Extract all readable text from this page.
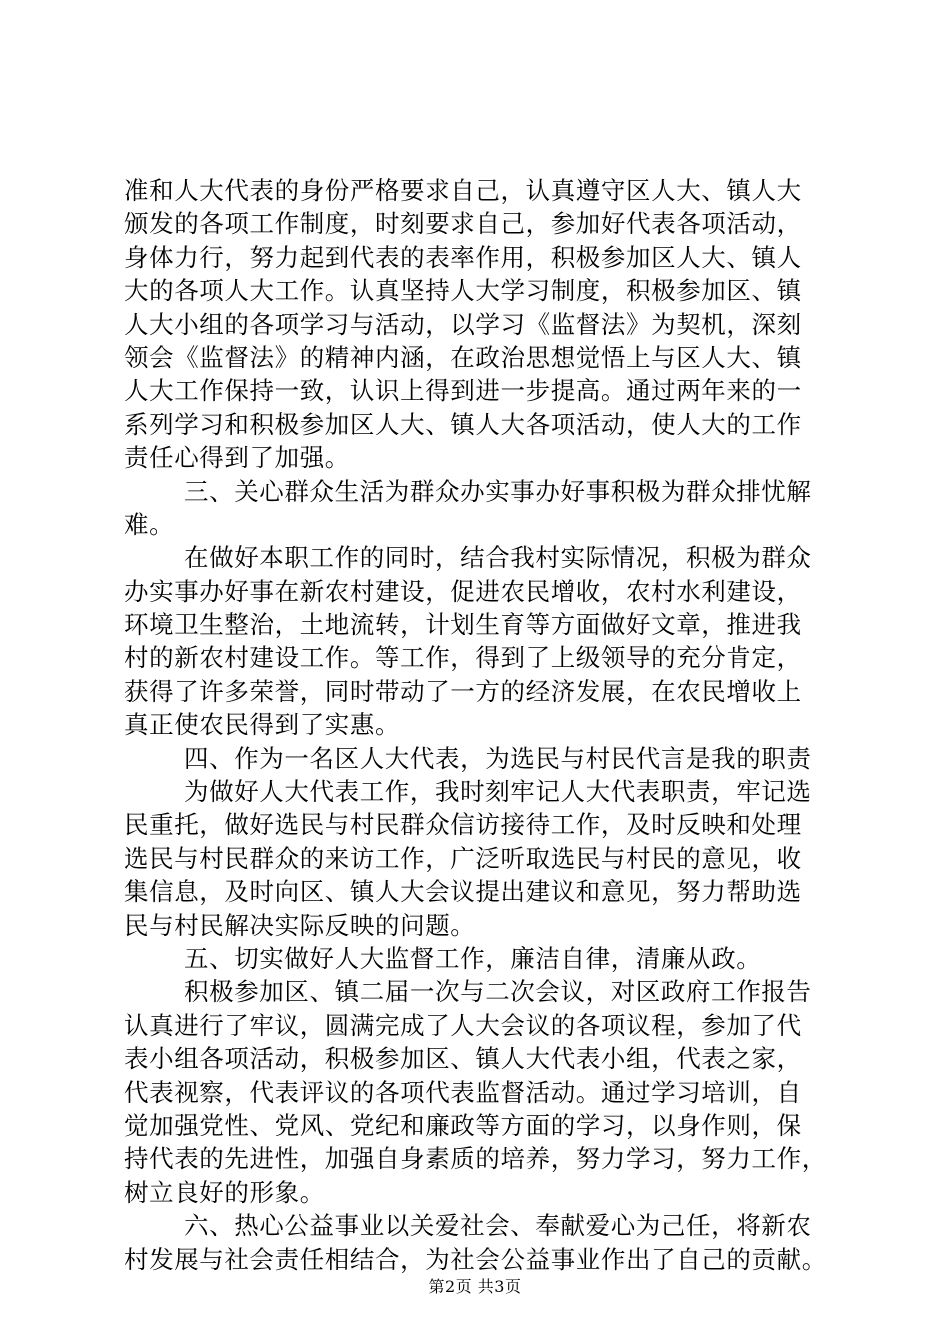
准和人大代表的身份严格要求自己，认真遵守区人大、镇人大
颁发的各项工作制度，时刻要求自己，参加好代表各项活动，
身体力行，努力起到代表的表率作用，积极参加区人大、镇人
大的各项人大工作。认真坚持人大学习制度，积极参加区、镇
人大小组的各项学习与活动，以学习《监督法》为契机，深刻
领会《监督法》的精神内涵，在政治思想觉悟上与区人大、镇
人大工作保持一致，认识上得到进一步提高。通过两年来的一
系列学习和积极参加区人大、镇人大各项活动，使人大的工作
责任心得到了加强。
三、关心群众生活为群众办实事办好事积极为群众排忧解
难。
在做好本职工作的同时，结合我村实际情况，积极为群众
办实事办好事在新农村建设，促进农民增收，农村水利建设，
环境卫生整治，土地流转，计划生育等方面做好文章，推进我
村的新农村建设工作。等工作，得到了上级领导的充分肯定，
获得了许多荣誉，同时带动了一方的经济发展，在农民增收上
真正使农民得到了实惠。
四、作为一名区人大代表，为选民与村民代言是我的职责
为做好人大代表工作，我时刻牢记人大代表职责，牢记选
民重托，做好选民与村民群众信访接待工作，及时反映和处理
选民与村民群众的来访工作，广泛听取选民与村民的意见，收
集信息，及时向区、镇人大会议提出建议和意见，努力帮助选
民与村民解决实际反映的问题。
五、切实做好人大监督工作，廉洁自律，清廉从政。
积极参加区、镇二届一次与二次会议，对区政府工作报告
认真进行了牢议，圆满完成了人大会议的各项议程，参加了代
表小组各项活动，积极参加区、镇人大代表小组，代表之家，
代表视察，代表评议的各项代表监督活动。通过学习培训，自
觉加强党性、党风、党纪和廉政等方面的学习，以身作则，保
持代表的先进性，加强自身素质的培养，努力学习，努力工作，
树立良好的形象。
六、热心公益事业以关爱社会、奉献爱心为己任，将新农
村发展与社会责任相结合，为社会公益事业作出了自己的贡献。
第2页 共3页
